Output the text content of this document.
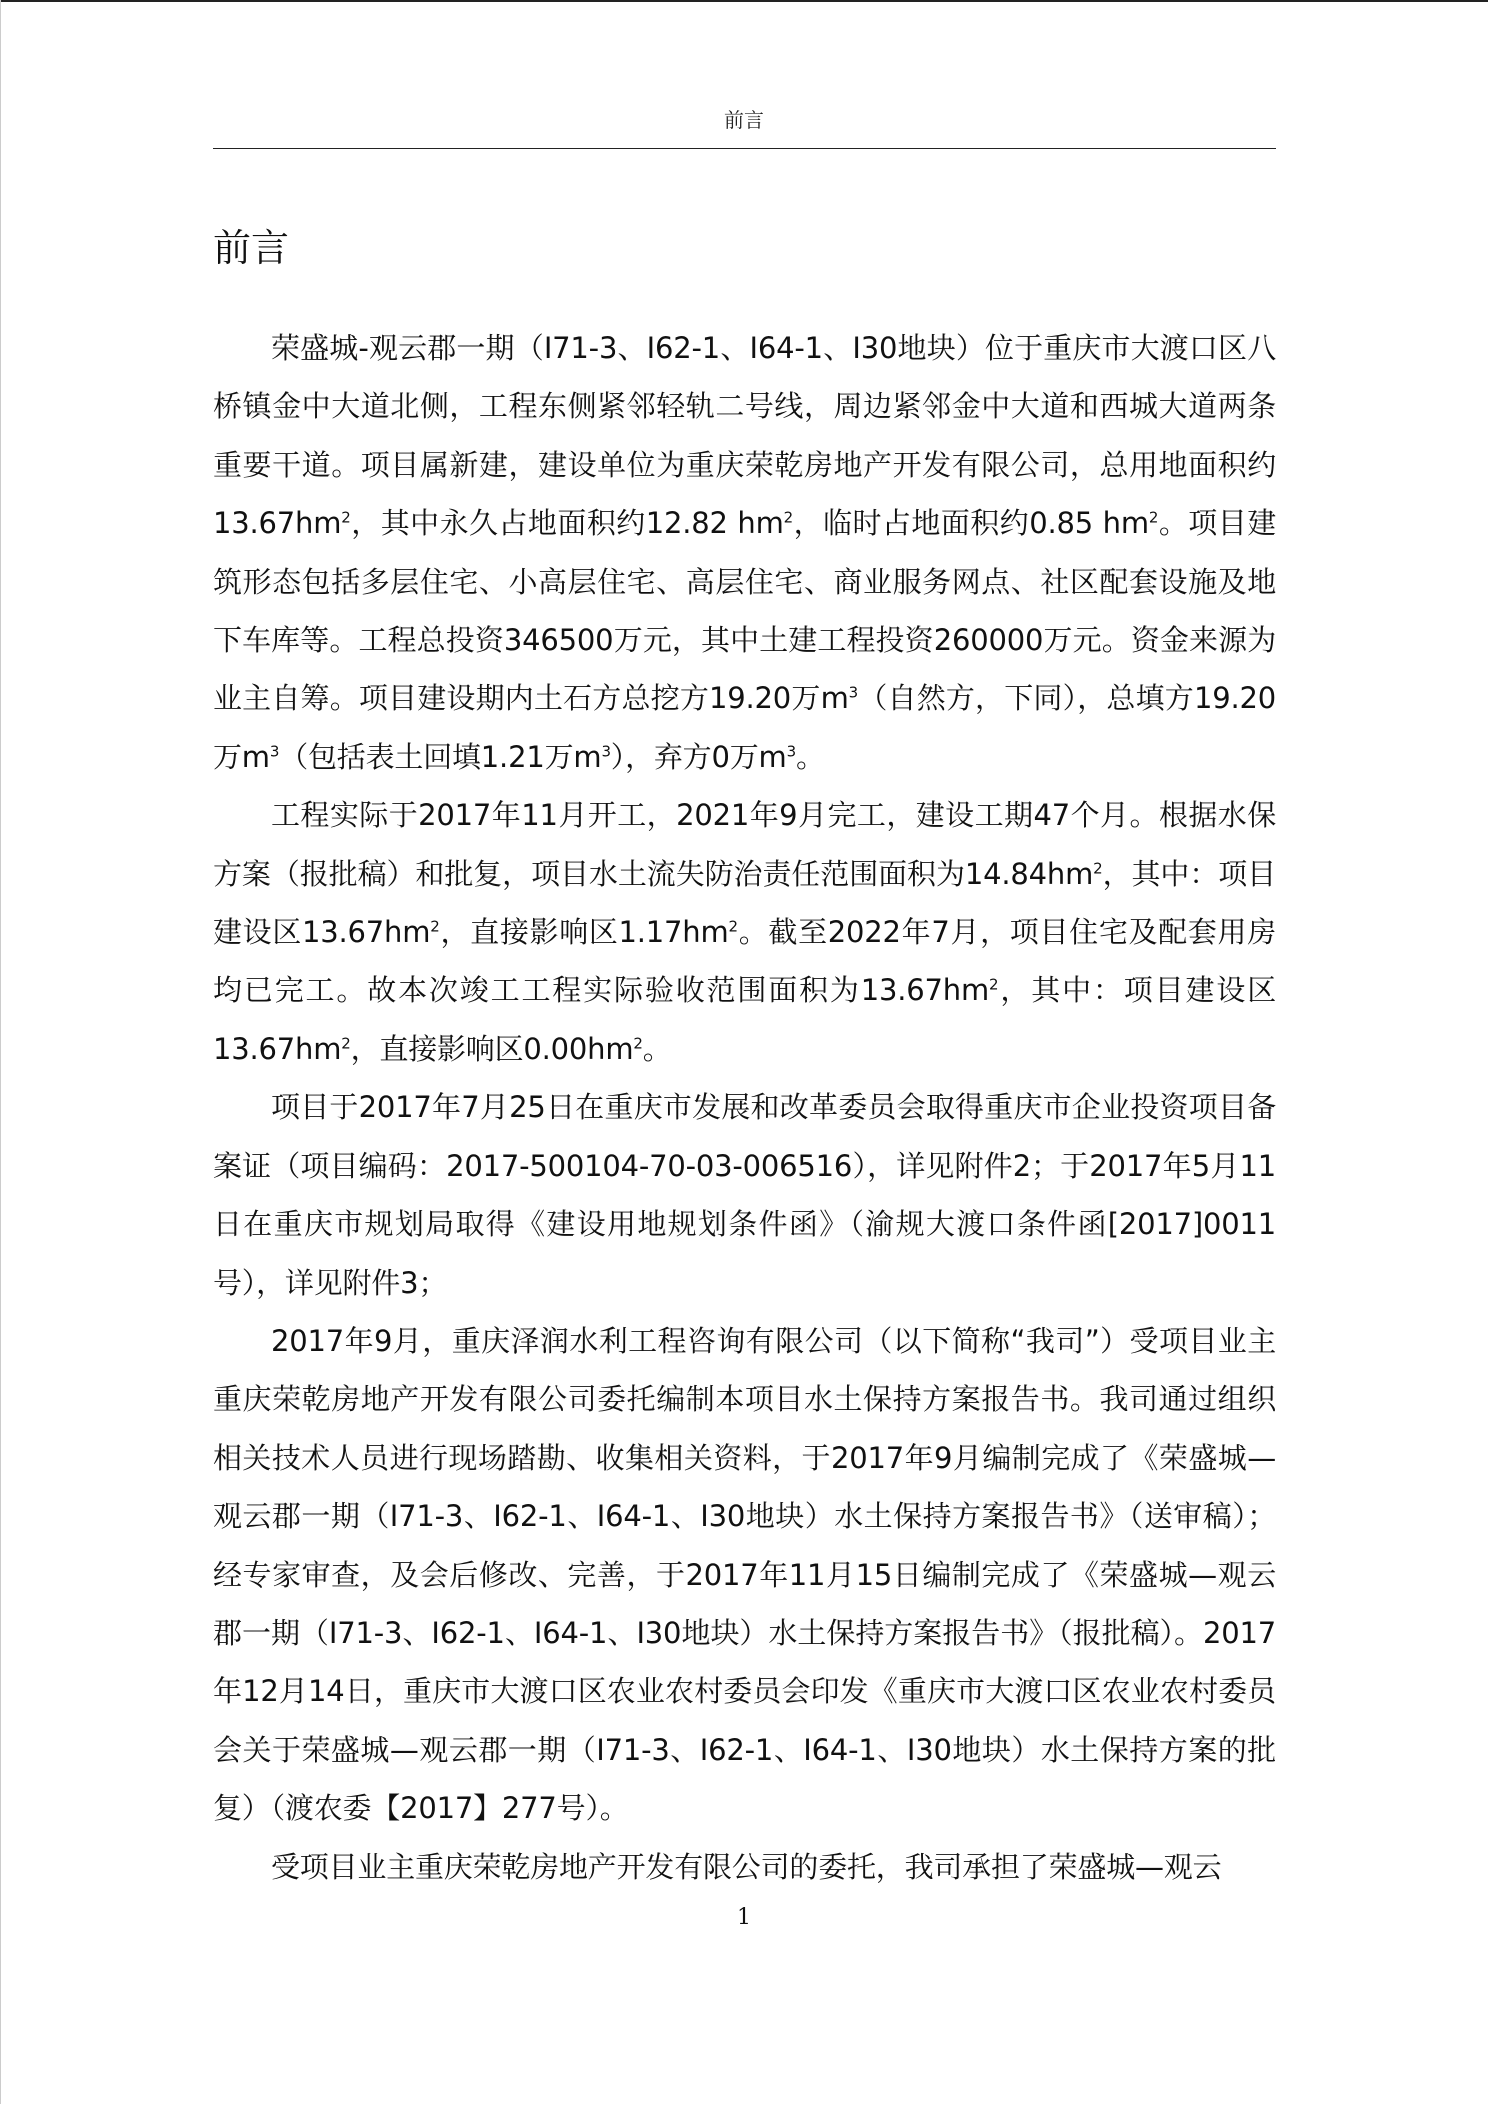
前言
前言

荣盛城-观云郡一期（I71-3、I62-1、I64-1、I30地块）位于重庆市大渡口区八桥镇金中大道北侧，工程东侧紧邻轻轨二号线，周边紧邻金中大道和西城大道两条重要干道。项目属新建，建设单位为重庆荣乾房地产开发有限公司，总用地面积约$13.67hm^2$，其中永久占地面积约12.82 $hm^2$，临时占地面积约0.85 $hm^2$。项目建筑形态包括多层住宅、小高层住宅、高层住宅、商业服务网点、社区配套设施及地下车库等。工程总投资346500万元，其中土建工程投资260000万元。资金来源为业主自筹。项目建设期内土石方总挖方19.20万$m^3$（自然方，下同），总填方19.20万$m^3$（包括表土回填1.21万$m^3$），弃方0万$m^3$。

工程实际于2017年11月开工，2021年9月完工，建设工期47个月。根据水保方案（报批稿）和批复，项目水土流失防治责任范围面积为$14.84hm^2$，其中：项目建设区$13.67hm^2$，直接影响区$1.17hm^2$。截至2022年7月，项目住宅及配套用房均已完工。故本次竣工工程实际验收范围面积为$13.67hm^2$，其中：项目建设区$13.67hm^2$，直接影响区$0.00hm^2$。

项目于2017年7月25日在重庆市发展和改革委员会取得重庆市企业投资项目备案证（项目编码：2017-500104-70-03-006516），详见附件2；于2017年5月11日在重庆市规划局取得《建设用地规划条件函》（渝规大渡口条件函[2017]0011号），详见附件3；

2017年9月，重庆泽润水利工程咨询有限公司（以下简称“我司”）受项目业主重庆荣乾房地产开发有限公司委托编制本项目水土保持方案报告书。我司通过组织相关技术人员进行现场踏勘、收集相关资料，于2017年9月编制完成了《荣盛城—观云郡一期（I71-3、I62-1、I64-1、I30地块）水土保持方案报告书》（送审稿）；经专家审查，及会后修改、完善，于2017年11月15日编制完成了《荣盛城—观云郡一期（I71-3、I62-1、I64-1、I30地块）水土保持方案报告书》（报批稿）。2017年12月14日，重庆市大渡口区农业农村委员会印发《重庆市大渡口区农业农村委员会关于荣盛城—观云郡一期（I71-3、I62-1、I64-1、I30地块）水土保持方案的批复）（渡农委【2017】277号）。

受项目业主重庆荣乾房地产开发有限公司的委托，我司承担了荣盛城—观云

1
